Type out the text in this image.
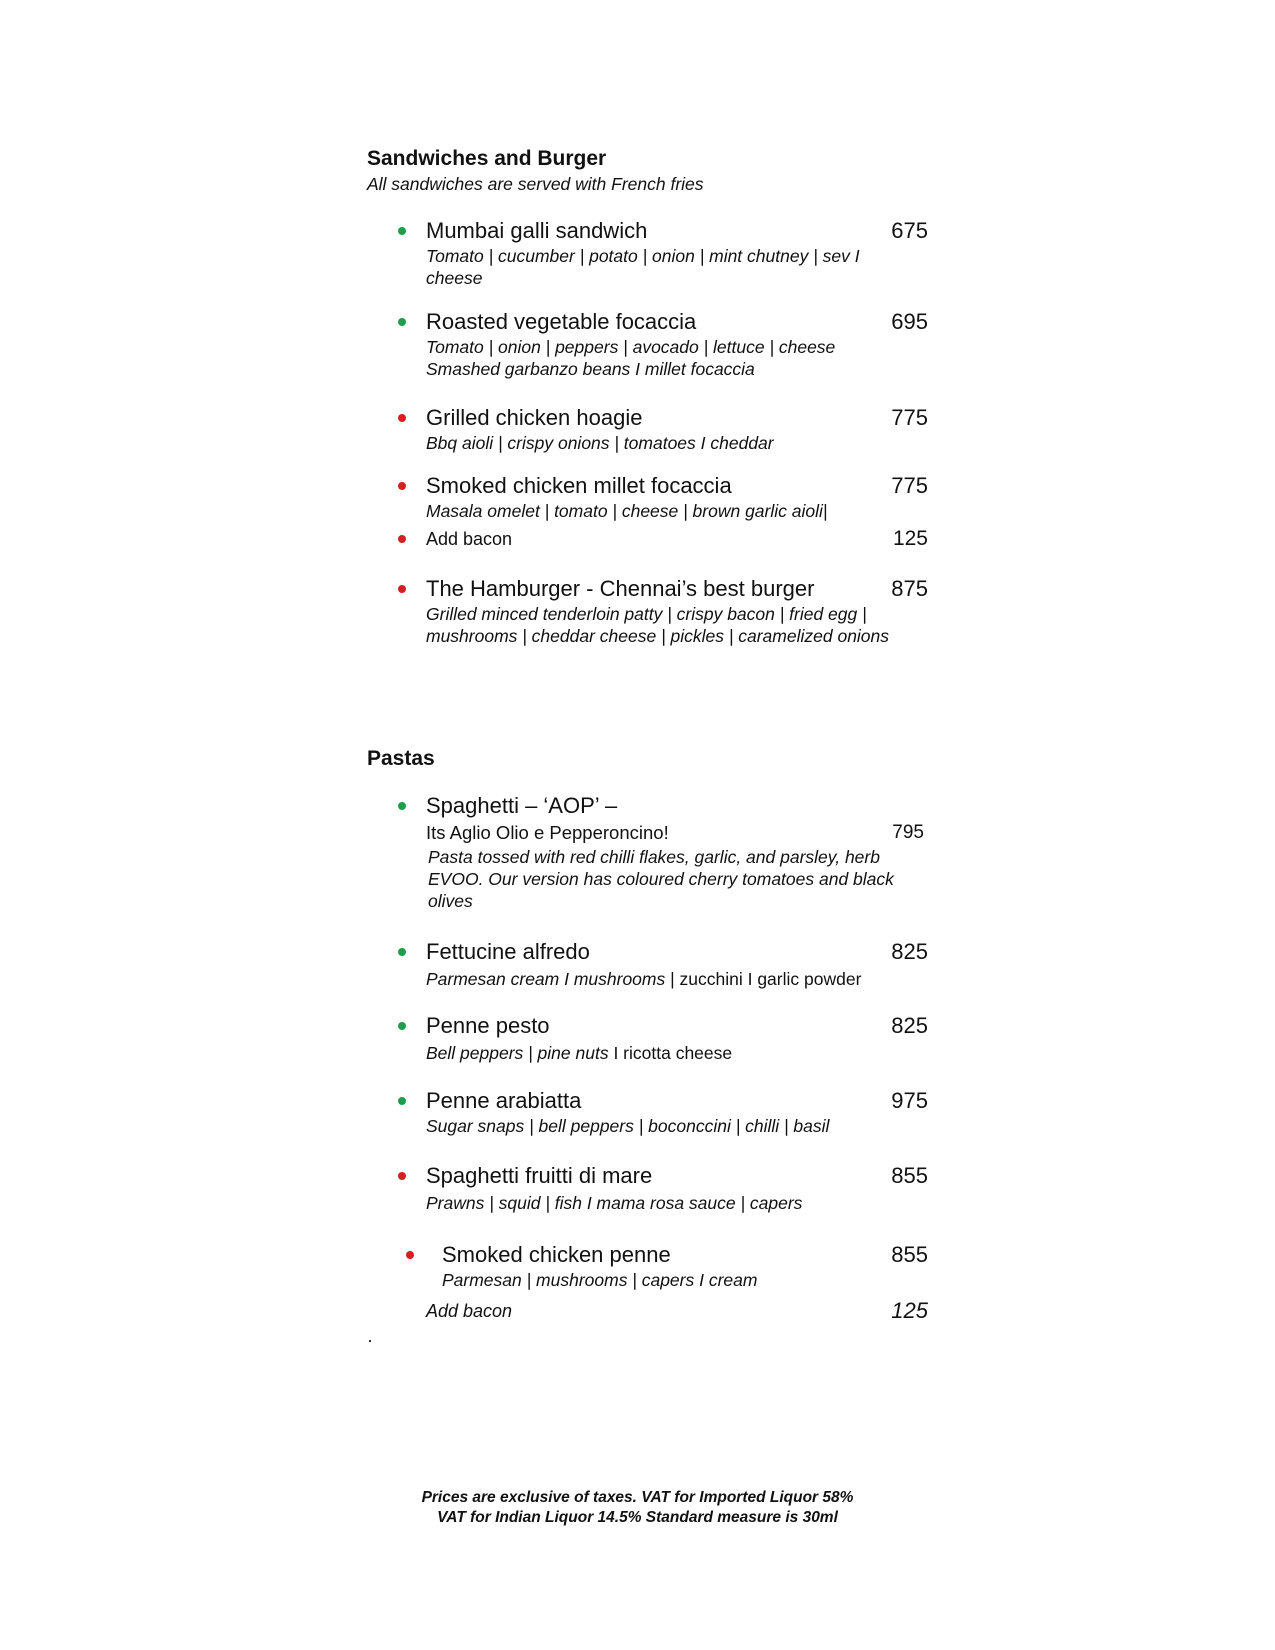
Sandwiches and Burger
All sandwiches are served with French fries
Mumbai galli sandwich	675
Tomato | cucumber | potato | onion | mint chutney | sev I cheese
Roasted vegetable focaccia	695
Tomato | onion | peppers | avocado | lettuce | cheese
Smashed garbanzo beans I millet focaccia
Grilled chicken hoagie	775
Bbq aioli | crispy onions | tomatoes I cheddar
Smoked chicken millet focaccia	775
Masala omelet | tomato | cheese | brown garlic aioli|
Add bacon	125
The Hamburger - Chennai’s best burger	875
Grilled minced tenderloin patty | crispy bacon | fried egg | mushrooms | cheddar cheese | pickles | caramelized onions
Pastas
Spaghetti – ‘AOP’ –
Its Aglio Olio e Pepperoncino!	795
Pasta tossed with red chilli flakes, garlic, and parsley, herb EVOO. Our version has coloured cherry tomatoes and black olives
Fettucine alfredo	825
Parmesan cream I mushrooms | zucchini I garlic powder
Penne pesto	825
Bell peppers | pine nuts I ricotta cheese
Penne arabiatta	975
Sugar snaps | bell peppers | boconccini | chilli | basil
Spaghetti fruitti di mare	855
Prawns | squid | fish I mama rosa sauce | capers
Smoked chicken penne	855
Parmesan | mushrooms | capers I cream
Add bacon	125
Prices are exclusive of taxes. VAT for Imported Liquor 58%
VAT for Indian Liquor 14.5% Standard measure is 30ml
